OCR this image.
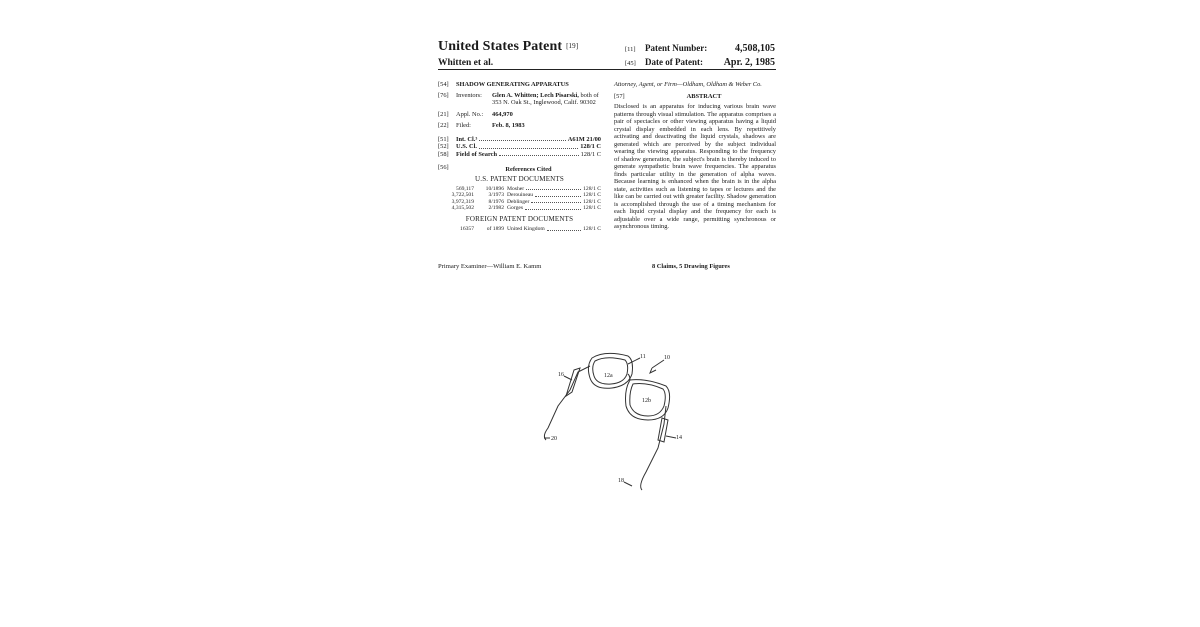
United States Patent [19]
Whitten et al.
[11]	Patent Number:	4,508,105
[45]	Date of Patent: Apr. 2, 1985
[54]	SHADOW GENERATING APPARATUS
[76]	Inventors:	Glen A. Whitten; Lech Pisarski, both of 353 N. Oak St., Inglewood, Calif. 90302
[21]	Appl. No.:	464,970
[22]	Filed:	Feb. 8, 1983
[51]	Int. Cl.³	A61M 21/00
[52]	U.S. Cl.	128/1 C
[58]	Field of Search	128/1 C
[56]	References Cited
U.S. PATENT DOCUMENTS
569,117	10/1896 Mosher	128/1 C
3,722,501	3/1973 Derouineau	128/1 C
3,972,319	8/1976 Deblinger	128/1 C
4,315,502	2/1982 Gorges	128/1 C
FOREIGN PATENT DOCUMENTS
16357	of 1899 United Kingdom	128/1 C
Attorney, Agent, or Firm—Oldham, Oldham & Weber Co.
[57]	ABSTRACT
Disclosed is an apparatus for inducing various brain wave patterns through visual stimulation. The apparatus comprises a pair of spectacles or other viewing apparatus having a liquid crystal display embedded in each lens. By repetitively activating and deactivating the liquid crystals, shadows are generated which are perceived by the subject individual wearing the viewing apparatus. Responding to the frequency of shadow generation, the subject's brain is thereby induced to generate sympathetic brain wave frequencies. The apparatus finds particular utility in the generation of alpha waves. Because learning is enhanced when the brain is in the alpha state, activities such as listening to tapes or lectures and the like can be carried out with greater facility. Shadow generation is accomplished through the use of a timing mechanism for each liquid crystal display and the frequency for each is adjustable over a wide range, permitting synchronous or asynchronous timing.
Primary Examiner—William E. Kamm	8 Claims, 5 Drawing Figures
11	10
16	12a
12b
14
20
18
